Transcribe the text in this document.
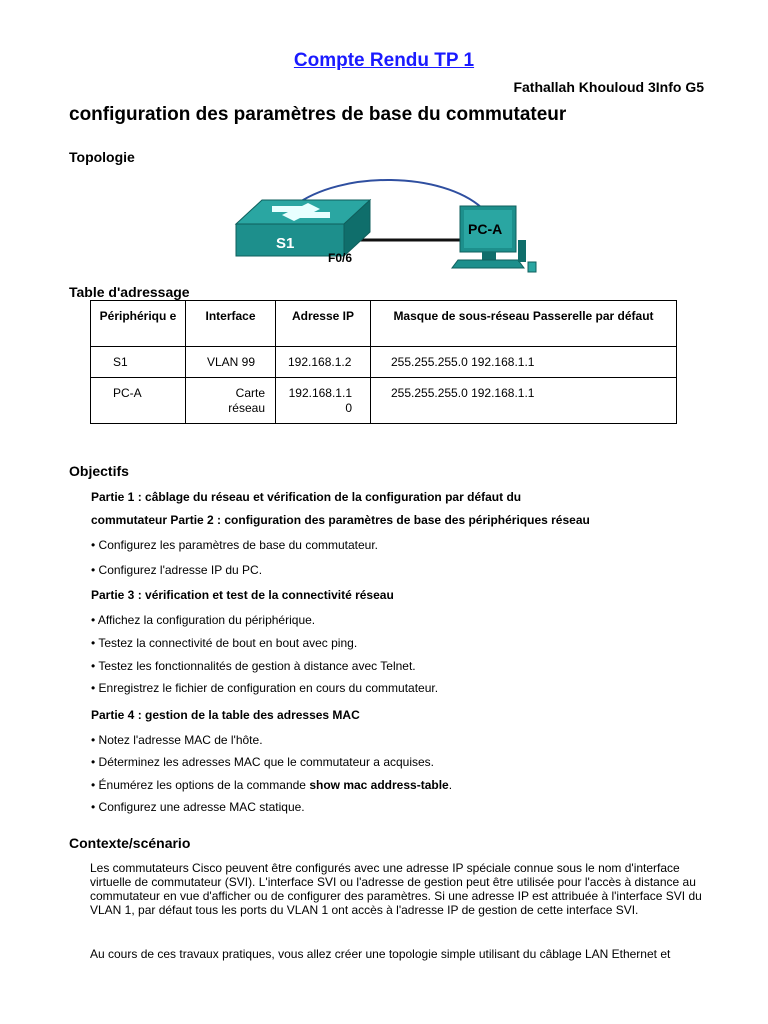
Compte Rendu TP 1
Fathallah Khouloud 3Info G5
configuration des paramètres de base du commutateur
Topologie
S1
F0/6
PC-A
Table d'adressage
Périphériqu e	Interface	Adresse IP	Masque de sous-réseau Passerelle par défaut

S1	VLAN 99	192.168.1.2	255.255.255.0 192.168.1.1

PC-A	Carte réseau	192.168.1.1 0	255.255.255.0 192.168.1.1
Objectifs
Partie 1 : câblage du réseau et vérification de la configuration par défaut du
commutateur Partie 2 : configuration des paramètres de base des périphériques réseau
• Configurez les paramètres de base du commutateur.
• Configurez l'adresse IP du PC.
Partie 3 : vérification et test de la connectivité réseau
• Affichez la configuration du périphérique.
• Testez la connectivité de bout en bout avec ping.
• Testez les fonctionnalités de gestion à distance avec Telnet.
• Enregistrez le fichier de configuration en cours du commutateur.
Partie 4 : gestion de la table des adresses MAC
• Notez l'adresse MAC de l'hôte.
• Déterminez les adresses MAC que le commutateur a acquises.
• Énumérez les options de la commande show mac address-table.
• Configurez une adresse MAC statique.
Contexte/scénario
Les commutateurs Cisco peuvent être configurés avec une adresse IP spéciale connue sous le nom d'interface virtuelle de commutateur (SVI). L'interface SVI ou l'adresse de gestion peut être utilisée pour l'accès à distance au commutateur en vue d'afficher ou de configurer des paramètres. Si une adresse IP est attribuée à l'interface SVI du VLAN 1, par défaut tous les ports du VLAN 1 ont accès à l'adresse IP de gestion de cette interface SVI.
Au cours de ces travaux pratiques, vous allez créer une topologie simple utilisant du câblage LAN Ethernet et
